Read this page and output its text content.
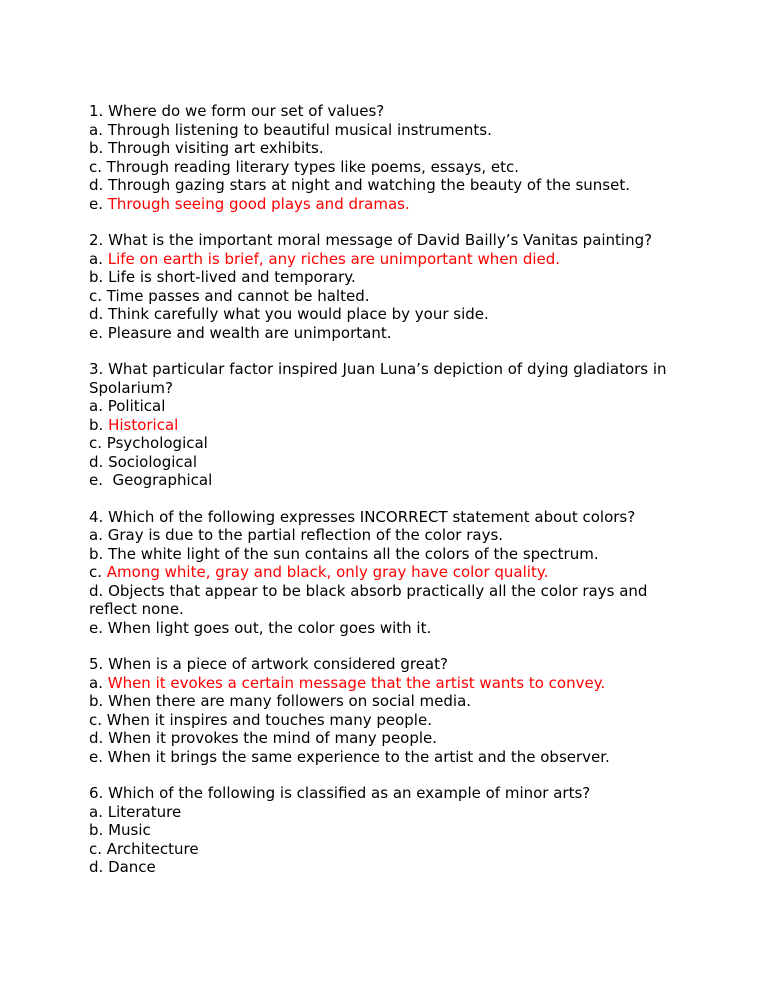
1. Where do we form our set of values?
a. Through listening to beautiful musical instruments.
b. Through visiting art exhibits.
c. Through reading literary types like poems, essays, etc.
d. Through gazing stars at night and watching the beauty of the sunset.
e. Through seeing good plays and dramas.
2. What is the important moral message of David Bailly’s Vanitas painting?
a. Life on earth is brief, any riches are unimportant when died.
b. Life is short-lived and temporary.
c. Time passes and cannot be halted.
d. Think carefully what you would place by your side.
e. Pleasure and wealth are unimportant.
3. What particular factor inspired Juan Luna’s depiction of dying gladiators in Spolarium?
a. Political
b. Historical
c. Psychological
d. Sociological
e.  Geographical
4. Which of the following expresses INCORRECT statement about colors?
a. Gray is due to the partial reflection of the color rays.
b. The white light of the sun contains all the colors of the spectrum.
c. Among white, gray and black, only gray have color quality.
d. Objects that appear to be black absorb practically all the color rays and reflect none.
e. When light goes out, the color goes with it.
5. When is a piece of artwork considered great?
a. When it evokes a certain message that the artist wants to convey.
b. When there are many followers on social media.
c. When it inspires and touches many people.
d. When it provokes the mind of many people.
e. When it brings the same experience to the artist and the observer.
6. Which of the following is classified as an example of minor arts?
a. Literature
b. Music
c. Architecture
d. Dance
